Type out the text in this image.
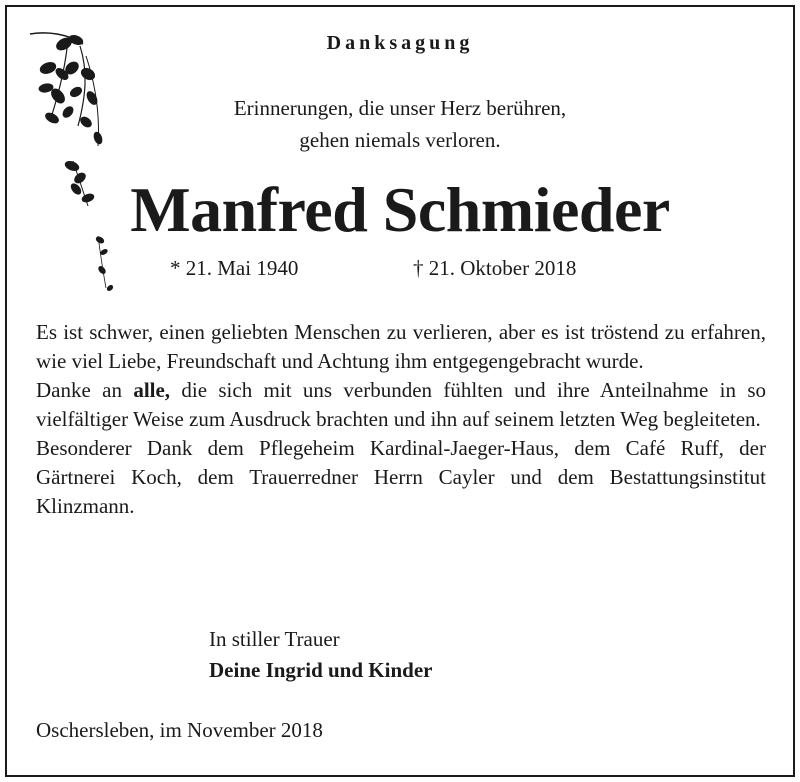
Danksagung
Erinnerungen, die unser Herz berühren,
gehen niemals verloren.
Manfred Schmieder
* 21. Mai 1940	† 21. Oktober 2018

Es ist schwer, einen geliebten Menschen zu verlieren, aber es ist tröstend zu erfahren, wie viel Liebe, Freundschaft und Achtung ihm entgegengebracht wurde.

Danke an alle, die sich mit uns verbunden fühlten und ihre Anteilnahme in so vielfältiger Weise zum Ausdruck brachten und ihn auf seinem letzten Weg begleiteten.

Besonderer Dank dem Pflegeheim Kardinal-Jaeger-Haus, dem Café Ruff, der Gärtnerei Koch, dem Trauerredner Herrn Cayler und dem Bestattungsinstitut Klinzmann.

In stiller Trauer
Deine Ingrid und Kinder
Oschersleben, im November 2018
